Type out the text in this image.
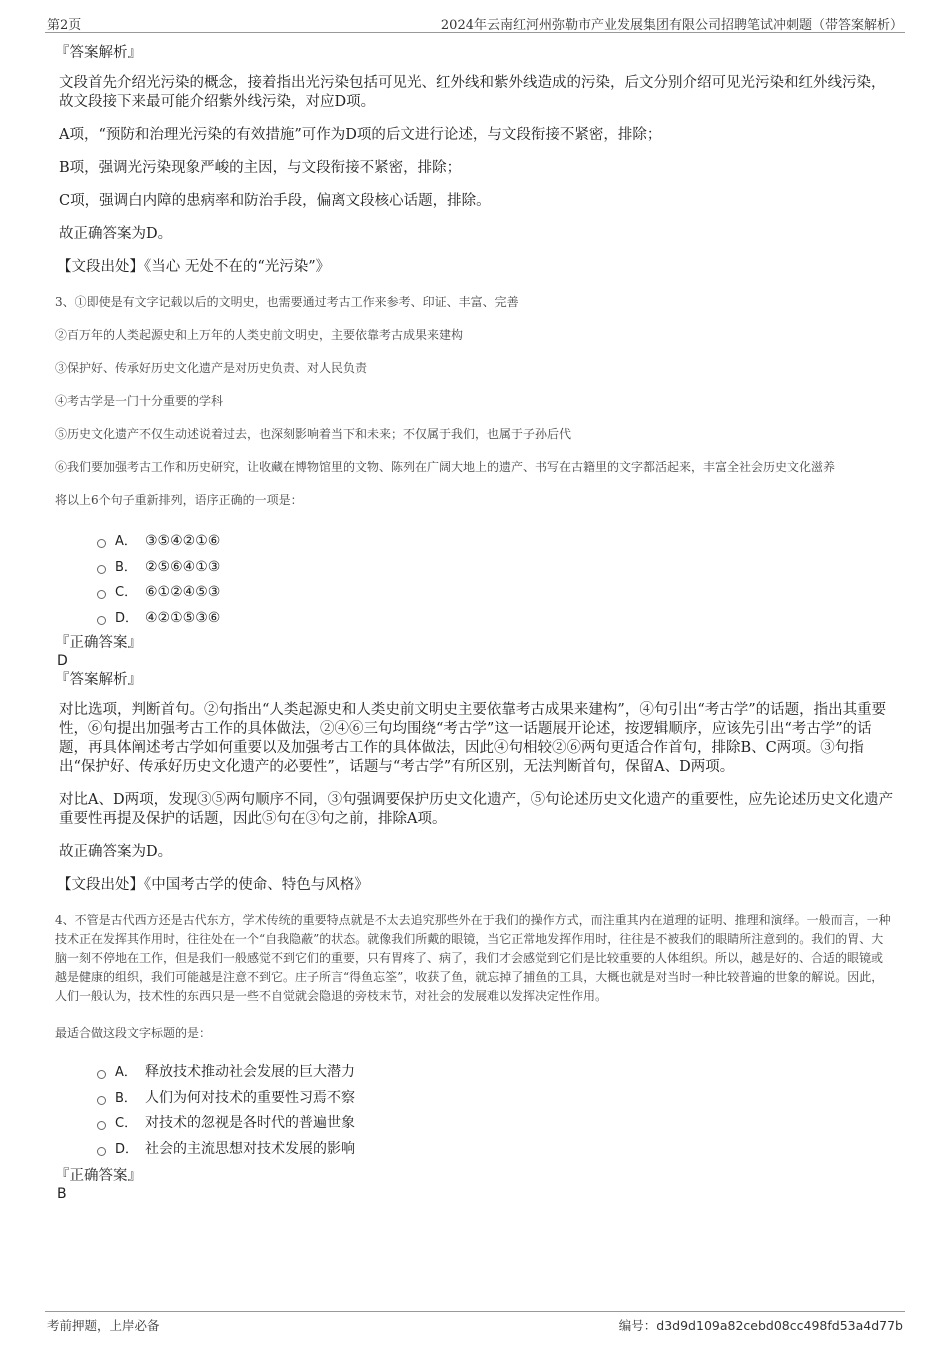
第2页	2024年云南红河州弥勒市产业发展集团有限公司招聘笔试冲刺题（带答案解析）

『答案解析』

文段首先介绍光污染的概念，接着指出光污染包括可见光、红外线和紫外线造成的污染，后文分别介绍可见光污染和红外线污染，故文段接下来最可能介绍紫外线污染，对应D项。

A项，“预防和治理光污染的有效措施”可作为D项的后文进行论述，与文段衔接不紧密，排除；

B项，强调光污染现象严峻的主因，与文段衔接不紧密，排除；

C项，强调白内障的患病率和防治手段，偏离文段核心话题，排除。

故正确答案为D。

【文段出处】《当心 无处不在的“光污染”》

3、①即使是有文字记载以后的文明史，也需要通过考古工作来参考、印证、丰富、完善

②百万年的人类起源史和上万年的人类史前文明史，主要依靠考古成果来建构

③保护好、传承好历史文化遗产是对历史负责、对人民负责

④考古学是一门十分重要的学科

⑤历史文化遗产不仅生动述说着过去，也深刻影响着当下和未来；不仅属于我们，也属于子孙后代

⑥我们要加强考古工作和历史研究，让收藏在博物馆里的文物、陈列在广阔大地上的遗产、书写在古籍里的文字都活起来，丰富全社会历史文化滋养

将以上6个句子重新排列，语序正确的一项是：

A． ③⑤④②①⑥
B． ②⑤⑥④①③
C． ⑥①②④⑤③
D． ④②①⑤③⑥

『正确答案』

D

『答案解析』

对比选项，判断首句。②句指出“人类起源史和人类史前文明史主要依靠考古成果来建构”，④句引出“考古学”的话题，指出其重要性，⑥句提出加强考古工作的具体做法，②④⑥三句均围绕“考古学”这一话题展开论述，按逻辑顺序，应该先引出“考古学”的话题，再具体阐述考古学如何重要以及加强考古工作的具体做法，因此④句相较②⑥两句更适合作首句，排除B、C两项。③句指出“保护好、传承好历史文化遗产的必要性”，话题与“考古学”有所区别，无法判断首句，保留A、D两项。

对比A、D两项，发现③⑤两句顺序不同，③句强调要保护历史文化遗产，⑤句论述历史文化遗产的重要性，应先论述历史文化遗产重要性再提及保护的话题，因此⑤句在③句之前，排除A项。

故正确答案为D。

【文段出处】《中国考古学的使命、特色与风格》

4、不管是古代西方还是古代东方，学术传统的重要特点就是不太去追究那些外在于我们的操作方式，而注重其内在道理的证明、推理和演绎。一般而言，一种技术正在发挥其作用时，往往处在一个“自我隐蔽”的状态。就像我们所戴的眼镜，当它正常地发挥作用时，往往是不被我们的眼睛所注意到的。我们的胃、大脑一刻不停地在工作，但是我们一般感觉不到它们的重要，只有胃疼了、病了，我们才会感觉到它们是比较重要的人体组织。所以，越是好的、合适的眼镜或越是健康的组织，我们可能越是注意不到它。庄子所言“得鱼忘筌”，收获了鱼，就忘掉了捕鱼的工具，大概也就是对当时一种比较普遍的世象的解说。因此，人们一般认为，技术性的东西只是一些不自觉就会隐退的旁枝末节，对社会的发展难以发挥决定性作用。

最适合做这段文字标题的是：

A． 释放技术推动社会发展的巨大潜力
B． 人们为何对技术的重要性习焉不察
C． 对技术的忽视是各时代的普遍世象
D． 社会的主流思想对技术发展的影响

『正确答案』

B

考前押题，上岸必备	编号：d3d9d109a82cebd08cc498fd53a4d77b
